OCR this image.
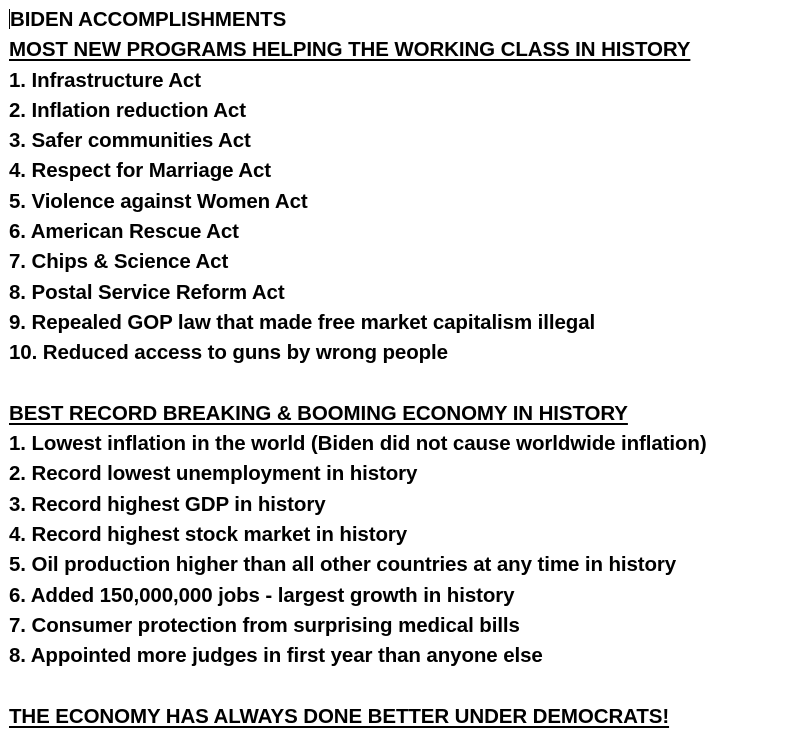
BIDEN ACCOMPLISHMENTS
MOST NEW PROGRAMS HELPING THE WORKING CLASS IN HISTORY
1. Infrastructure Act
2. Inflation reduction Act
3. Safer communities Act
4. Respect for Marriage Act
5. Violence against Women Act
6. American Rescue Act
7. Chips & Science Act
8. Postal Service Reform Act
9. Repealed GOP law that made free market capitalism illegal
10. Reduced access to guns by wrong people
BEST RECORD BREAKING & BOOMING ECONOMY IN HISTORY
1. Lowest inflation in the world (Biden did not cause worldwide inflation)
2. Record lowest unemployment in history
3. Record highest GDP in history
4. Record highest stock market in history
5. Oil production higher than all other countries at any time in history
6. Added 150,000,000 jobs - largest growth in history
7. Consumer protection from surprising medical bills
8. Appointed more judges in first year than anyone else
THE ECONOMY HAS ALWAYS DONE BETTER UNDER DEMOCRATS!
